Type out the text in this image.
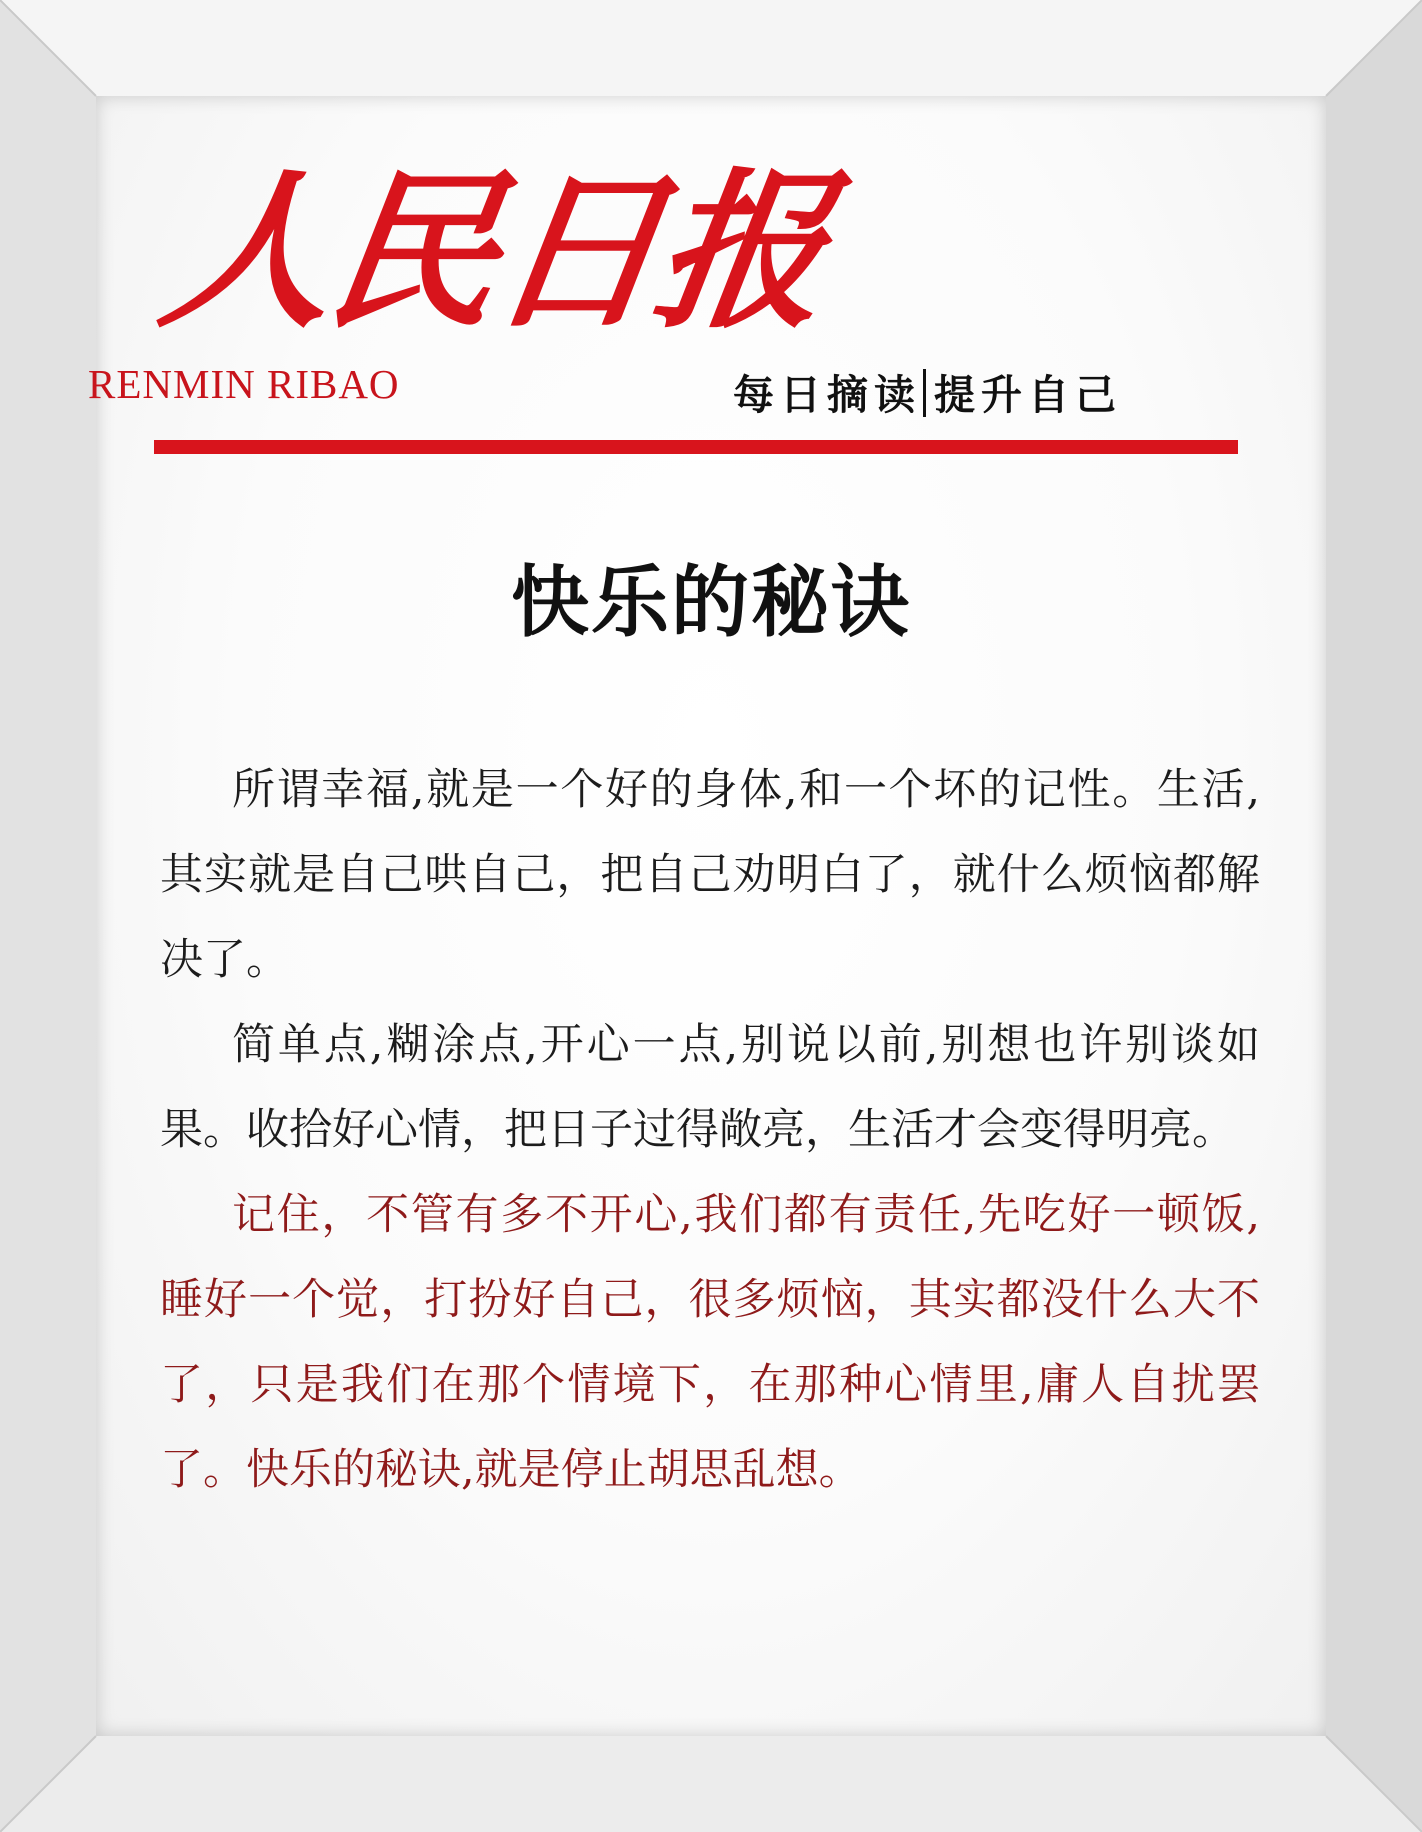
人民日报
RENMIN RIBAO	每日摘读 提升自己
快乐的秘诀

所谓幸福,就是一个好的身体,和一个坏的记性。生活,其实就是自己哄自己，把自己劝明白了，就什么烦恼都解决了。

简单点,糊涂点,开心一点,别说以前,别想也许别谈如果。收拾好心情，把日子过得敞亮，生活才会变得明亮。

记住，不管有多不开心,我们都有责任,先吃好一顿饭,睡好一个觉，打扮好自己，很多烦恼，其实都没什么大不了，只是我们在那个情境下，在那种心情里,庸人自扰罢了。快乐的秘诀,就是停止胡思乱想。
